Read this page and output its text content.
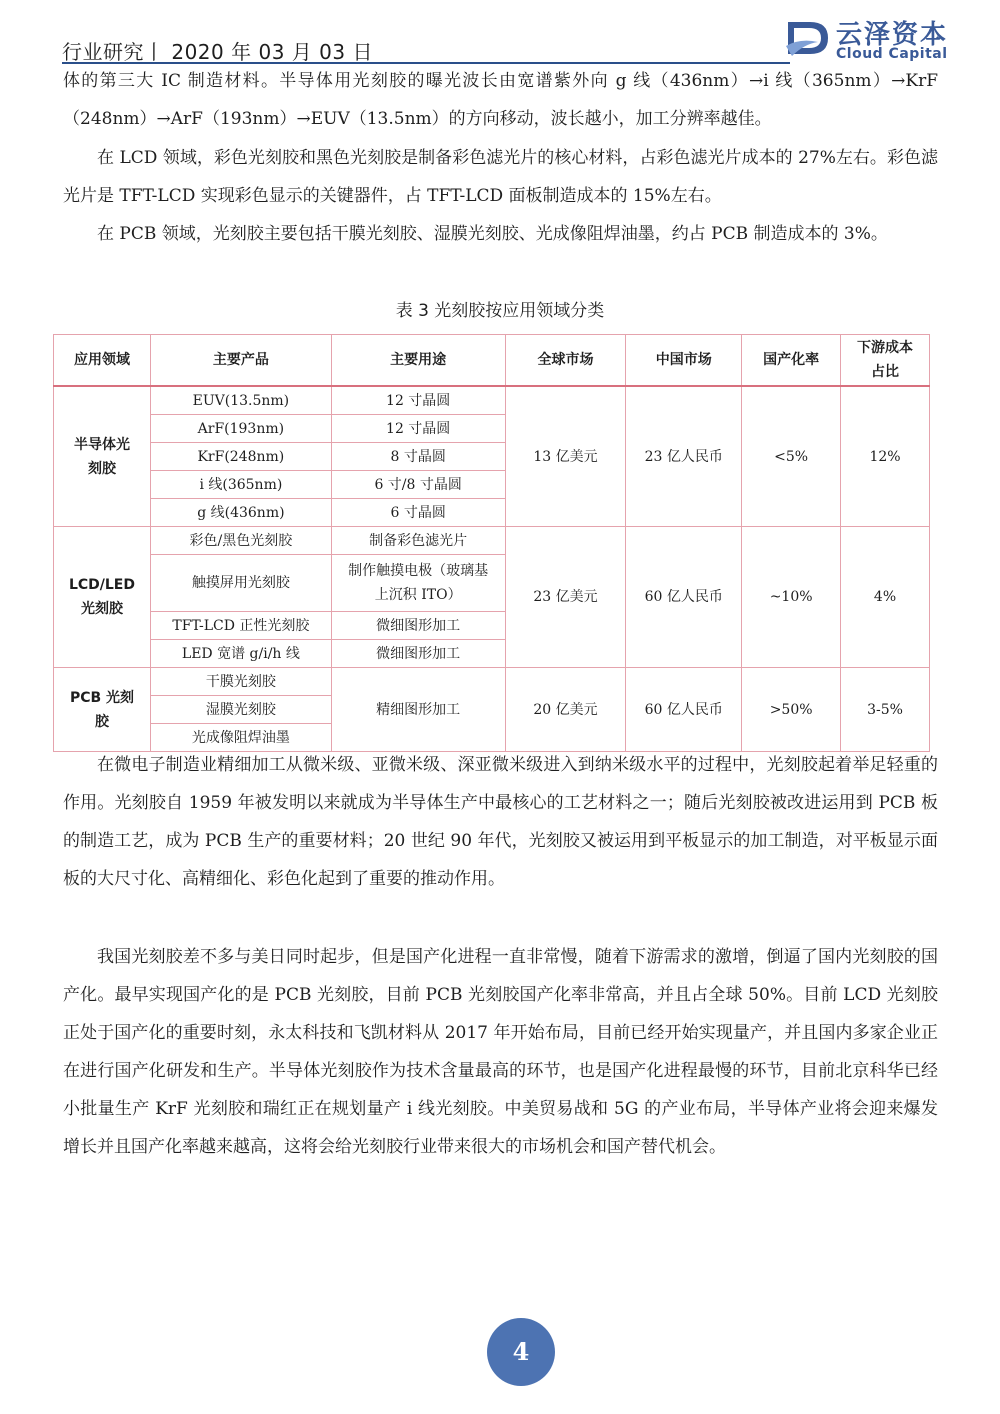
行业研究丨 2020 年 03 月 03 日
云泽资本
Cloud Capital

体的第三大 IC 制造材料。半导体用光刻胶的曝光波长由宽谱紫外向 g 线（436nm）→i 线（365nm）→KrF（248nm）→ArF（193nm）→EUV（13.5nm）的方向移动，波长越小，加工分辨率越佳。

在 LCD 领域，彩色光刻胶和黑色光刻胶是制备彩色滤光片的核心材料，占彩色滤光片成本的 27%左右。彩色滤光片是 TFT-LCD 实现彩色显示的关键器件，占 TFT-LCD 面板制造成本的 15%左右。

在 PCB 领域，光刻胶主要包括干膜光刻胶、湿膜光刻胶、光成像阻焊油墨，约占 PCB 制造成本的 3%。

表 3 光刻胶按应用领域分类
应用领域	主要产品	主要用途	全球市场	中国市场	国产化率	下游成本占比
半导体光刻胶	EUV(13.5nm)	12 寸晶圆	13 亿美元	23 亿人民币	<5%	12%
	ArF(193nm)	12 寸晶圆				
	KrF(248nm)	8 寸晶圆				
	i 线(365nm)	6 寸/8 寸晶圆				
	g 线(436nm)	6 寸晶圆				
LCD/LED 光刻胶	彩色/黑色光刻胶	制备彩色滤光片	23 亿美元	60 亿人民币	~10%	4%
	触摸屏用光刻胶	制作触摸电极（玻璃基上沉积 ITO）				
	TFT-LCD 正性光刻胶	微细图形加工				
	LED 宽谱 g/i/h 线	微细图形加工				
PCB 光刻胶	干膜光刻胶	精细图形加工	20 亿美元	60 亿人民币	>50%	3-5%
	湿膜光刻胶					
	光成像阻焊油墨					

在微电子制造业精细加工从微米级、亚微米级、深亚微米级进入到纳米级水平的过程中，光刻胶起着举足轻重的作用。光刻胶自 1959 年被发明以来就成为半导体生产中最核心的工艺材料之一；随后光刻胶被改进运用到 PCB 板的制造工艺，成为 PCB 生产的重要材料；20 世纪 90 年代，光刻胶又被运用到平板显示的加工制造，对平板显示面板的大尺寸化、高精细化、彩色化起到了重要的推动作用。

我国光刻胶差不多与美日同时起步，但是国产化进程一直非常慢，随着下游需求的激增，倒逼了国内光刻胶的国产化。最早实现国产化的是 PCB 光刻胶，目前 PCB 光刻胶国产化率非常高，并且占全球 50%。目前 LCD 光刻胶正处于国产化的重要时刻，永太科技和飞凯材料从 2017 年开始布局，目前已经开始实现量产，并且国内多家企业正在进行国产化研发和生产。半导体光刻胶作为技术含量最高的环节，也是国产化进程最慢的环节，目前北京科华已经小批量生产 KrF 光刻胶和瑞红正在规划量产 i 线光刻胶。中美贸易战和 5G 的产业布局，半导体产业将会迎来爆发增长并且国产化率越来越高，这将会给光刻胶行业带来很大的市场机会和国产替代机会。

4
